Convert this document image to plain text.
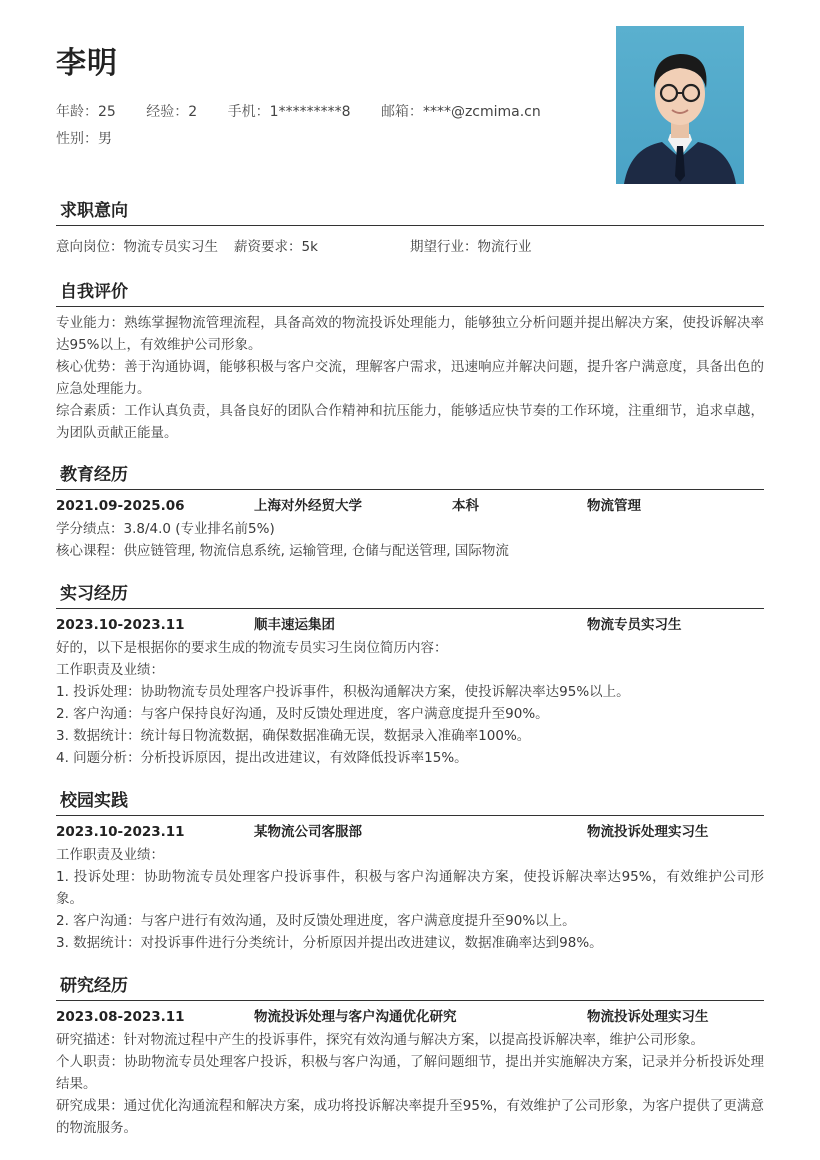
李明
年龄：25 经验：2 手机：1*********8 邮箱：****@zcmima.cn
性别：男
求职意向
意向岗位：物流专员实习生 薪资要求：5k	期望行业：物流行业
自我评价
专业能力：熟练掌握物流管理流程，具备高效的物流投诉处理能力，能够独立分析问题并提出解决方案，使投诉解决率达95%以上，有效维护公司形象。
核心优势：善于沟通协调，能够积极与客户交流，理解客户需求，迅速响应并解决问题，提升客户满意度，具备出色的应急处理能力。
综合素质：工作认真负责，具备良好的团队合作精神和抗压能力，能够适应快节奏的工作环境，注重细节，追求卓越，为团队贡献正能量。
教育经历
2021.09-2025.06	上海对外经贸大学	本科	物流管理
学分绩点：3.8/4.0 (专业排名前5%)
核心课程：供应链管理, 物流信息系统, 运输管理, 仓储与配送管理, 国际物流
实习经历
2023.10-2023.11	顺丰速运集团	物流专员实习生
好的，以下是根据你的要求生成的物流专员实习生岗位简历内容：
工作职责及业绩：
1. 投诉处理：协助物流专员处理客户投诉事件，积极沟通解决方案，使投诉解决率达95%以上。
2. 客户沟通：与客户保持良好沟通，及时反馈处理进度，客户满意度提升至90%。
3. 数据统计：统计每日物流数据，确保数据准确无误，数据录入准确率100%。
4. 问题分析：分析投诉原因，提出改进建议，有效降低投诉率15%。
校园实践
2023.10-2023.11	某物流公司客服部	物流投诉处理实习生
工作职责及业绩：
1. 投诉处理：协助物流专员处理客户投诉事件，积极与客户沟通解决方案，使投诉解决率达95%，有效维护公司形象。
2. 客户沟通：与客户进行有效沟通，及时反馈处理进度，客户满意度提升至90%以上。
3. 数据统计：对投诉事件进行分类统计，分析原因并提出改进建议，数据准确率达到98%。
研究经历
2023.08-2023.11	物流投诉处理与客户沟通优化研究	物流投诉处理实习生
研究描述：针对物流过程中产生的投诉事件，探究有效沟通与解决方案，以提高投诉解决率，维护公司形象。
个人职责：协助物流专员处理客户投诉，积极与客户沟通，了解问题细节，提出并实施解决方案，记录并分析投诉处理结果。
研究成果：通过优化沟通流程和解决方案，成功将投诉解决率提升至95%，有效维护了公司形象，为客户提供了更满意的物流服务。
